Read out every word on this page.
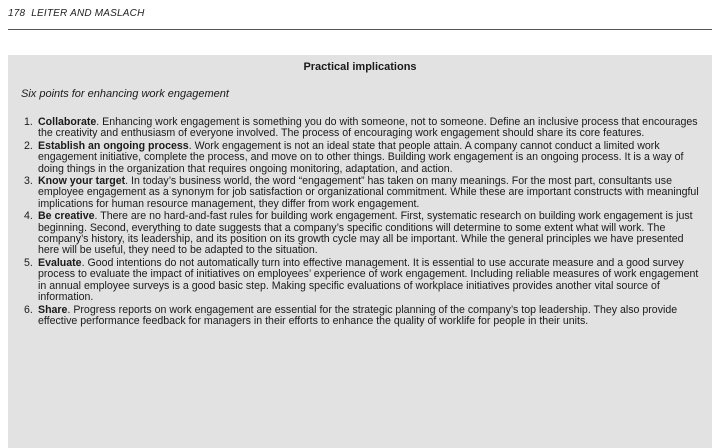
178 LEITER AND MASLACH
Practical implications
Six points for enhancing work engagement
1. Collaborate. Enhancing work engagement is something you do with someone, not to someone. Define an inclusive process that encourages the creativity and enthusiasm of everyone involved. The process of encouraging work engagement should share its core features.
2. Establish an ongoing process. Work engagement is not an ideal state that people attain. A company cannot conduct a limited work engagement initiative, complete the process, and move on to other things. Building work engagement is an ongoing process. It is a way of doing things in the organization that requires ongoing monitoring, adaptation, and action.
3. Know your target. In today’s business world, the word “engagement” has taken on many meanings. For the most part, consultants use employee engagement as a synonym for job satisfaction or organizational commitment. While these are important constructs with meaningful implications for human resource management, they differ from work engagement.
4. Be creative. There are no hard-and-fast rules for building work engagement. First, systematic research on building work engagement is just beginning. Second, everything to date suggests that a company’s specific conditions will determine to some extent what will work. The company’s history, its leadership, and its position on its growth cycle may all be important. While the general principles we have presented here will be useful, they need to be adapted to the situation.
5. Evaluate. Good intentions do not automatically turn into effective management. It is essential to use accurate measure and a good survey process to evaluate the impact of initiatives on employees’ experience of work engagement. Including reliable measures of work engagement in annual employee surveys is a good basic step. Making specific evaluations of workplace initiatives provides another vital source of information.
6. Share. Progress reports on work engagement are essential for the strategic planning of the company’s top leadership. They also provide effective performance feedback for managers in their efforts to enhance the quality of worklife for people in their units.
